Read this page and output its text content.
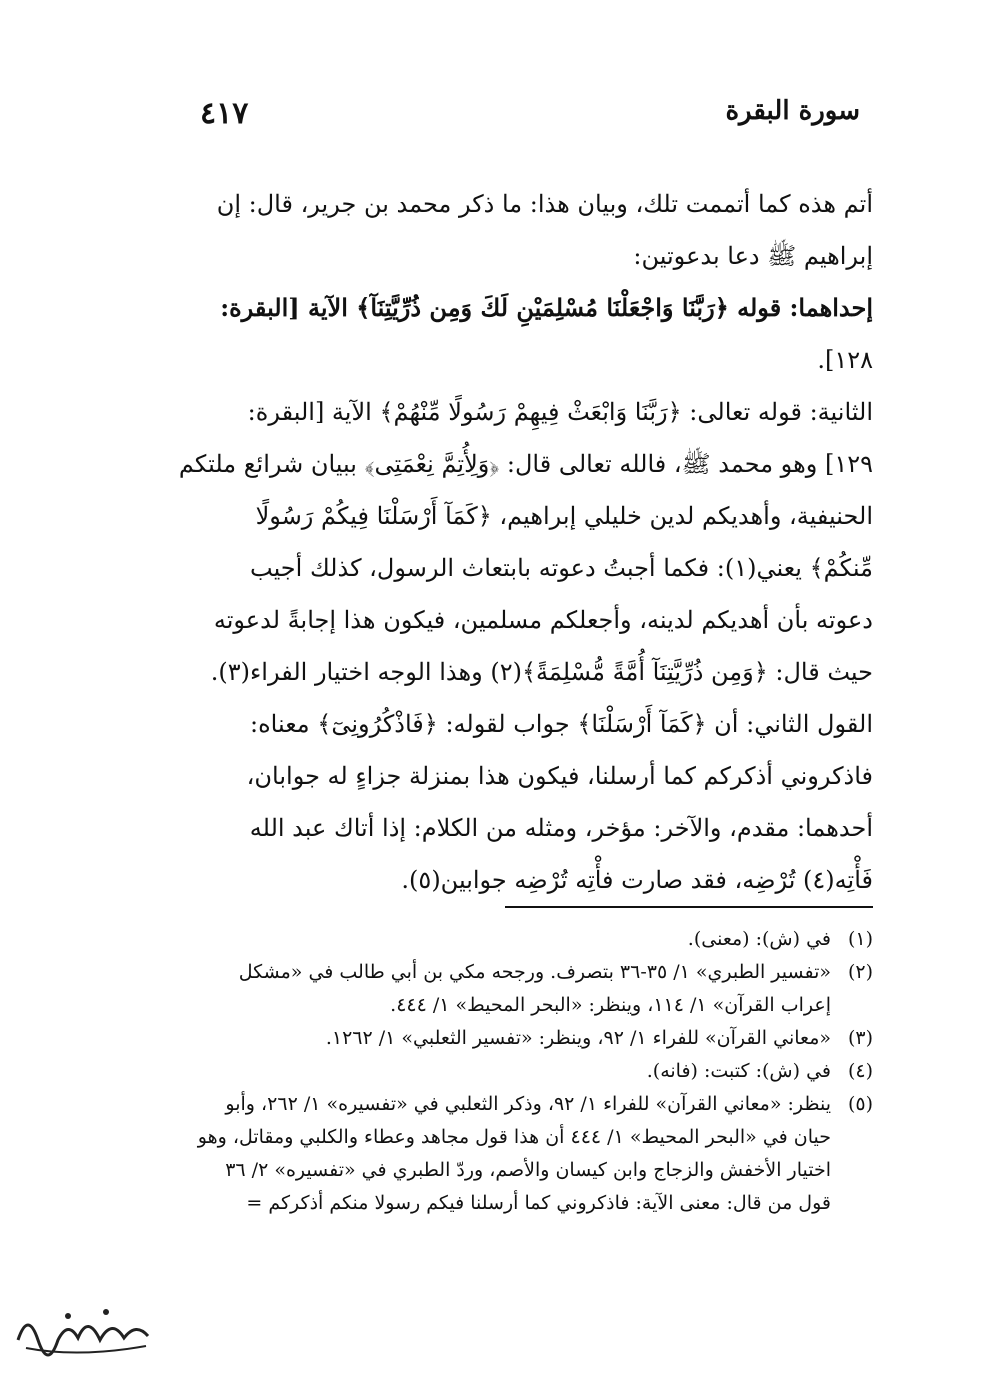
٤١٧	سورة البقرة

أتم هذه كما أتممت تلك، وبيان هذا: ما ذكر محمد بن جرير، قال: إن
إبراهيم ﷺ دعا بدعوتين:

إحداهما: قوله ﴿رَبَّنَا وَاجْعَلْنَا مُسْلِمَيْنِ لَكَ وَمِن ذُرِّيَّتِنَآ﴾ الآية [البقرة:
١٢٨].

الثانية: قوله تعالى: ﴿رَبَّنَا وَابْعَثْ فِيهِمْ رَسُولًا مِّنْهُمْ﴾ الآية [البقرة:
١٢٩] وهو محمد ﷺ، فالله تعالى قال: ﴿وَلِأُتِمَّ نِعْمَتِى﴾ ببيان شرائع ملتكم
الحنيفية، وأهديكم لدين خليلي إبراهيم، ﴿كَمَآ أَرْسَلْنَا فِيكُمْ رَسُولًا
مِّنكُمْ﴾ يعني(١): فكما أجبتُ دعوته بابتعاث الرسول، كذلك أجيب
دعوته بأن أهديكم لدينه، وأجعلكم مسلمين، فيكون هذا إجابةً لدعوته
حيث قال: ﴿وَمِن ذُرِّيَّتِنَآ أُمَّةً مُّسْلِمَةً﴾(٢) وهذا الوجه اختيار الفراء(٣).

القول الثاني: أن ﴿كَمَآ أَرْسَلْنَا﴾ جواب لقوله: ﴿فَاذْكُرُونِىٓ﴾ معناه:
فاذكروني أذكركم كما أرسلنا، فيكون هذا بمنزلة جزاءٍ له جوابان،
أحدهما: مقدم، والآخر: مؤخر، ومثله من الكلام: إذا أتاك عبد الله
فَأْتِه(٤) تُرْضِه، فقد صارت فأْتِه تُرْضِه جوابين(٥).

(١)
في (ش): (معنى).
(٢)
«تفسير الطبري» ١/ ٣٥-٣٦ بتصرف. ورجحه مكي بن أبي طالب في «مشكل
إعراب القرآن» ١/ ١١٤، وينظر: «البحر المحيط» ١/ ٤٤٤.
(٣)
«معاني القرآن» للفراء ١/ ٩٢، وينظر: «تفسير الثعلبي» ١/ ١٢٦٢.
(٤)
في (ش): كتبت: (فانه).
(٥)
ينظر: «معاني القرآن» للفراء ١/ ٩٢، وذكر الثعلبي في «تفسيره» ١/ ٢٦٢، وأبو
حيان في «البحر المحيط» ١/ ٤٤٤ أن هذا قول مجاهد وعطاء والكلبي ومقاتل، وهو
اختيار الأخفش والزجاج وابن كيسان والأصم، وردّ الطبري في «تفسيره» ٢/ ٣٦
قول من قال: معنى الآية: فاذكروني كما أرسلنا فيكم رسولا منكم أذكركم =
